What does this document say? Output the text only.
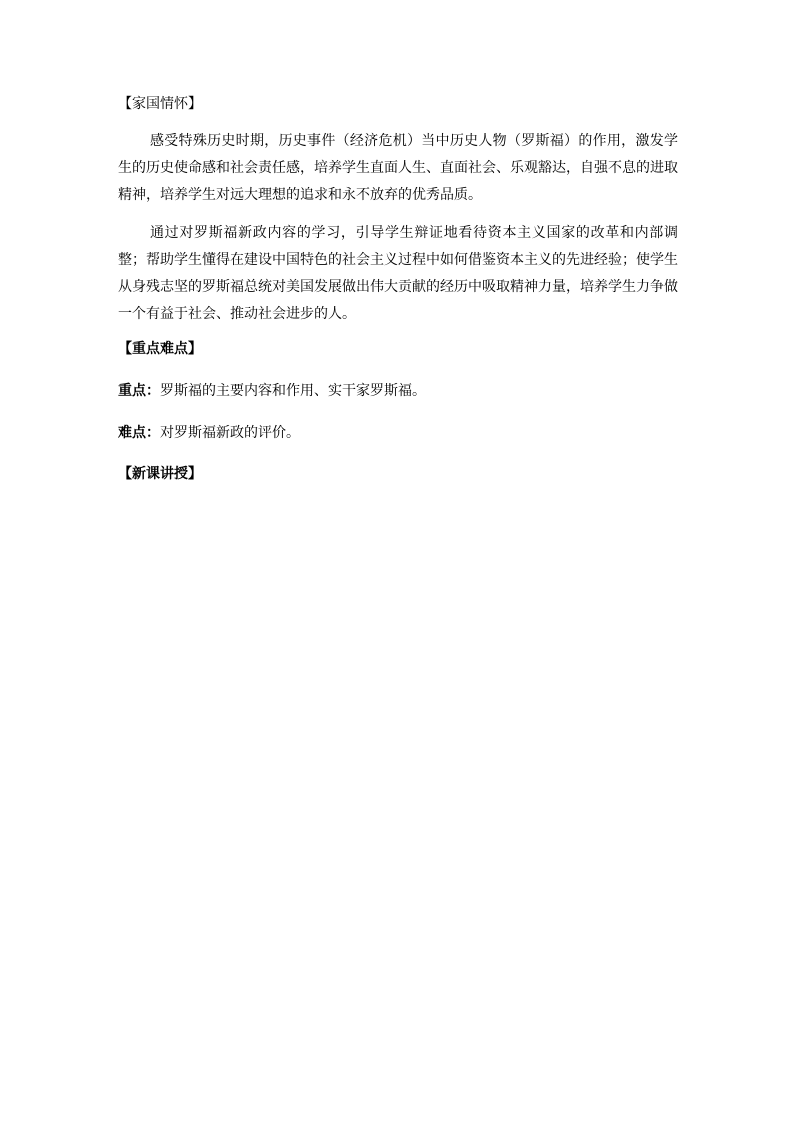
【家国情怀】

感受特殊历史时期，历史事件（经济危机）当中历史人物（罗斯福）的作用，激发学生的历史使命感和社会责任感，培养学生直面人生、直面社会、乐观豁达，自强不息的进取精神，培养学生对远大理想的追求和永不放弃的优秀品质。

通过对罗斯福新政内容的学习，引导学生辩证地看待资本主义国家的改革和内部调整；帮助学生懂得在建设中国特色的社会主义过程中如何借鉴资本主义的先进经验；使学生从身残志坚的罗斯福总统对美国发展做出伟大贡献的经历中吸取精神力量，培养学生力争做一个有益于社会、推动社会进步的人。

【重点难点】

重点：罗斯福的主要内容和作用、实干家罗斯福。

难点：对罗斯福新政的评价。

【新课讲授】
